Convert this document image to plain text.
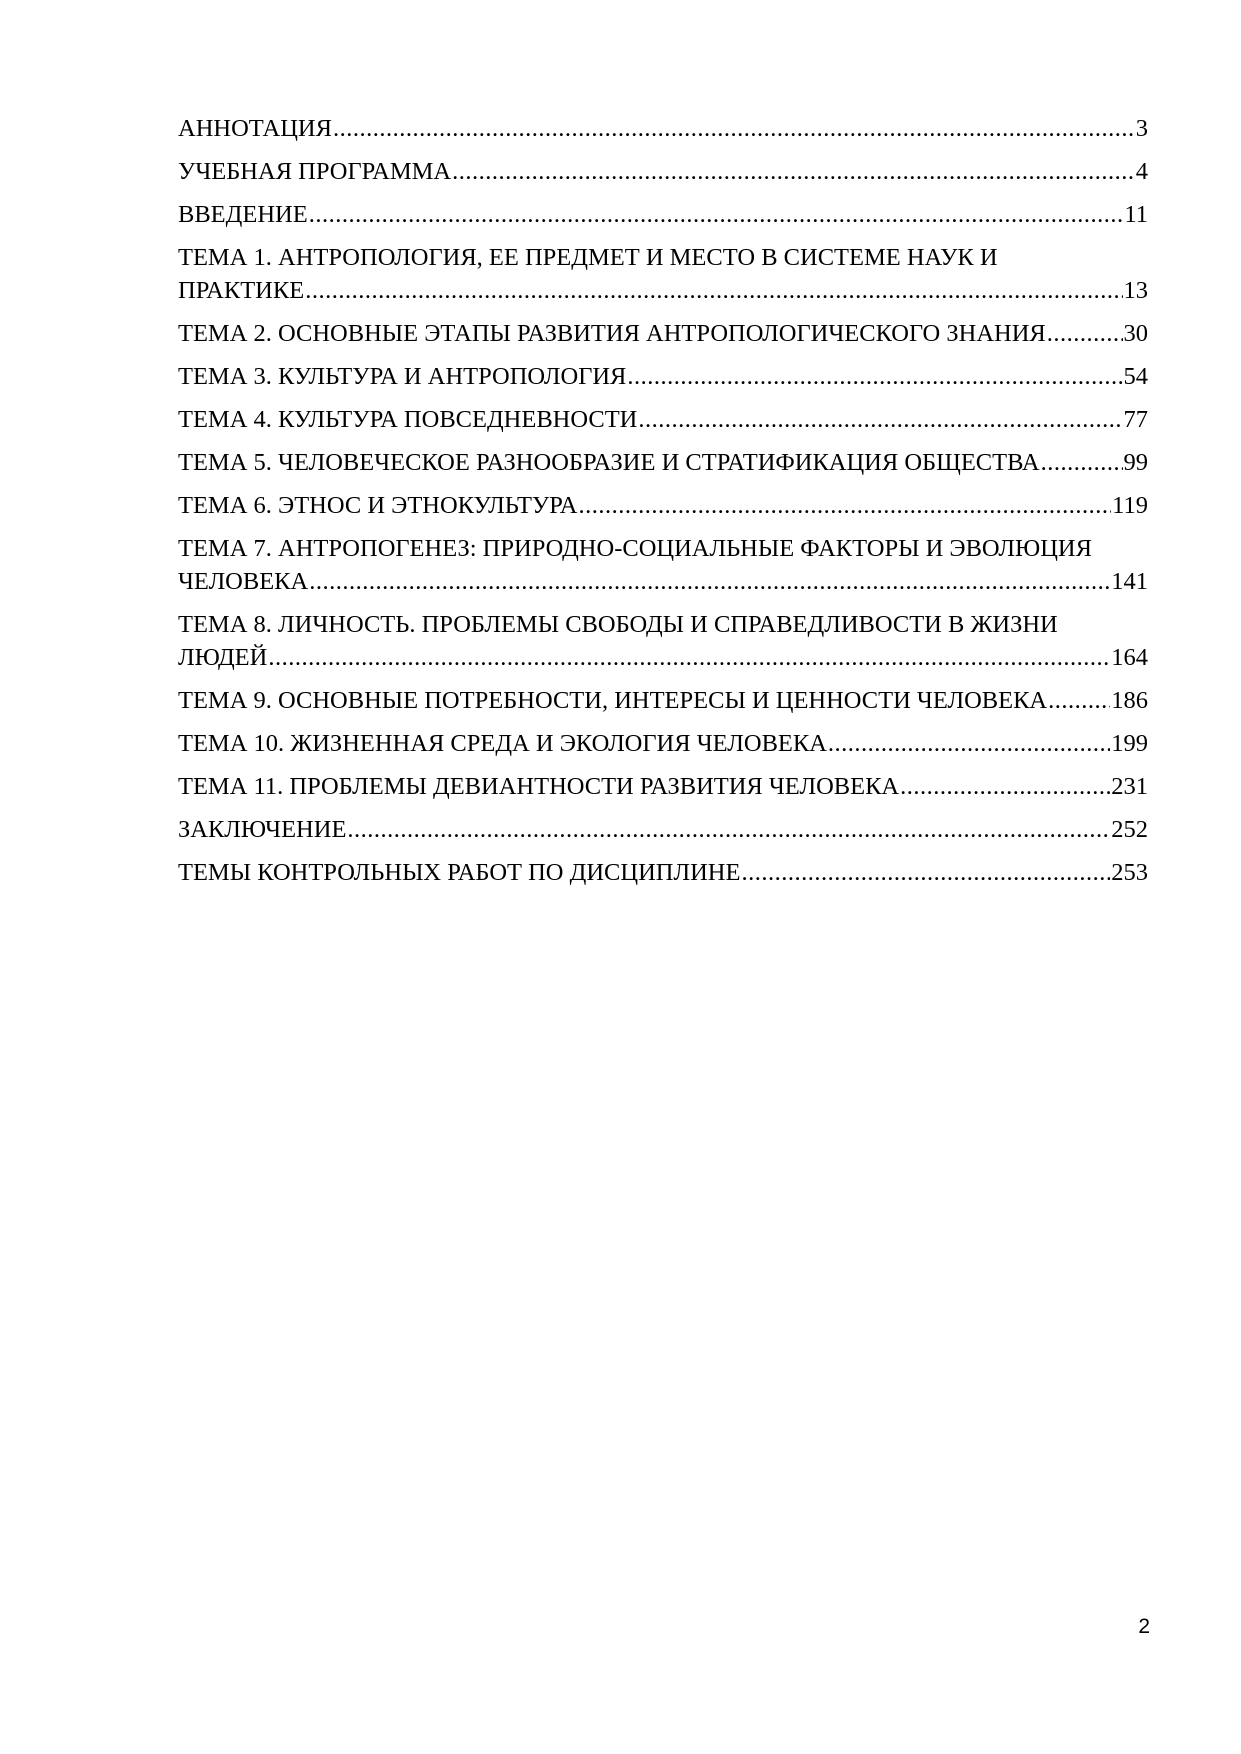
АННОТАЦИЯ .....	3
УЧЕБНАЯ ПРОГРАММА .....	4
ВВЕДЕНИЕ .....	11
ТЕМА 1. АНТРОПОЛОГИЯ, ЕЕ ПРЕДМЕТ И МЕСТО В СИСТЕМЕ НАУК И
ПРАКТИКЕ .....	13
ТЕМА 2. ОСНОВНЫЕ ЭТАПЫ РАЗВИТИЯ АНТРОПОЛОГИЧЕСКОГО ЗНАНИЯ .....	30
ТЕМА 3. КУЛЬТУРА И АНТРОПОЛОГИЯ .....	54
ТЕМА 4. КУЛЬТУРА ПОВСЕДНЕВНОСТИ .....	77
ТЕМА 5. ЧЕЛОВЕЧЕСКОЕ РАЗНООБРАЗИЕ И СТРАТИФИКАЦИЯ ОБЩЕСТВА .....	99
ТЕМА 6. ЭТНОС И ЭТНОКУЛЬТУРА .....	119
ТЕМА 7. АНТРОПОГЕНЕЗ: ПРИРОДНО-СОЦИАЛЬНЫЕ ФАКТОРЫ И ЭВОЛЮЦИЯ
ЧЕЛОВЕКА .....	141
ТЕМА 8. ЛИЧНОСТЬ. ПРОБЛЕМЫ СВОБОДЫ И СПРАВЕДЛИВОСТИ В ЖИЗНИ
ЛЮДЕЙ .....	164
ТЕМА 9. ОСНОВНЫЕ ПОТРЕБНОСТИ, ИНТЕРЕСЫ И ЦЕННОСТИ ЧЕЛОВЕКА .....	186
ТЕМА 10. ЖИЗНЕННАЯ СРЕДА И ЭКОЛОГИЯ ЧЕЛОВЕКА .....	199
ТЕМА 11. ПРОБЛЕМЫ ДЕВИАНТНОСТИ РАЗВИТИЯ ЧЕЛОВЕКА .....	231
ЗАКЛЮЧЕНИЕ .....	252
ТЕМЫ КОНТРОЛЬНЫХ РАБОТ ПО ДИСЦИПЛИНЕ .....	253
2
